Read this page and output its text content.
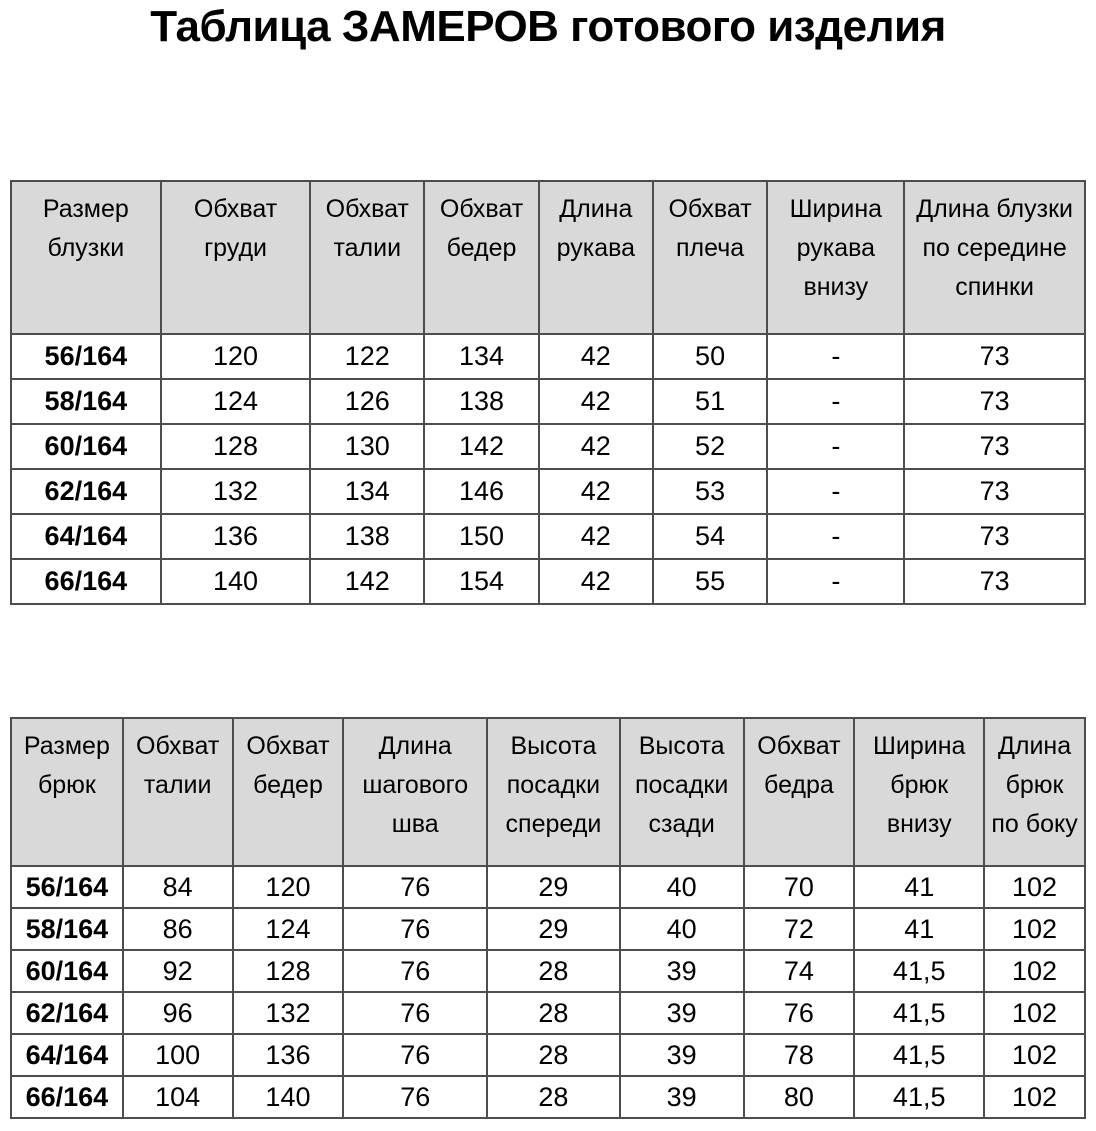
Таблица ЗАМЕРОВ готового изделия
Размер блузки	Обхват груди	Обхват талии	Обхват бедер	Длина рукава	Обхват плеча	Ширина рукава внизу	Длина блузки по середине спинки
56/164	120	122	134	42	50	-	73
58/164	124	126	138	42	51	-	73
60/164	128	130	142	42	52	-	73
62/164	132	134	146	42	53	-	73
64/164	136	138	150	42	54	-	73
66/164	140	142	154	42	55	-	73
Размер брюк	Обхват талии	Обхват бедер	Длина шагового шва	Высота посадки спереди	Высота посадки сзади	Обхват бедра	Ширина брюк внизу	Длина брюк по боку
56/164	84	120	76	29	40	70	41	102
58/164	86	124	76	29	40	72	41	102
60/164	92	128	76	28	39	74	41,5	102
62/164	96	132	76	28	39	76	41,5	102
64/164	100	136	76	28	39	78	41,5	102
66/164	104	140	76	28	39	80	41,5	102
